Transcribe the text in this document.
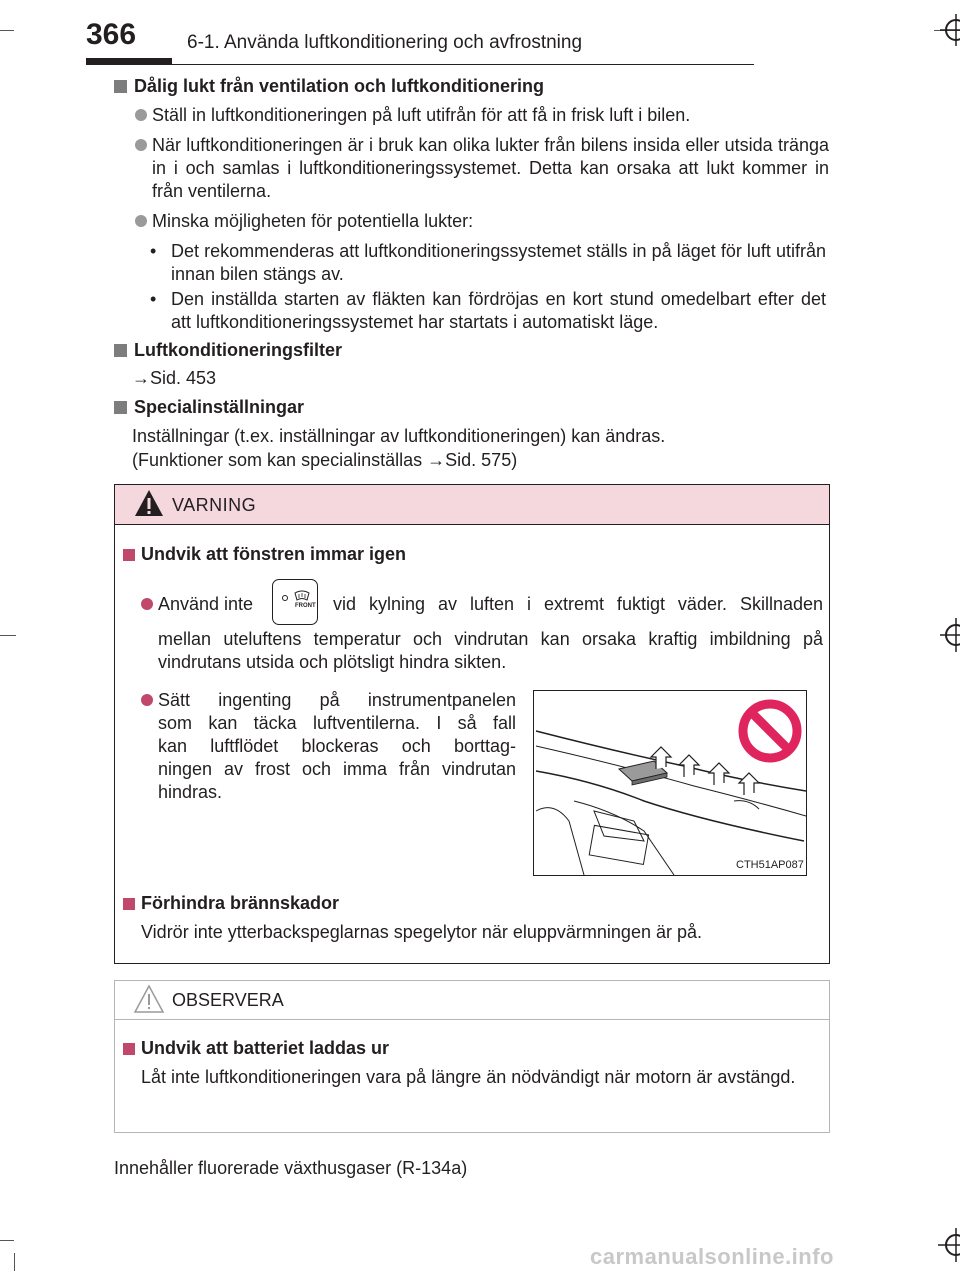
366	6-1. Använda luftkonditionering och avfrostning
Dålig lukt från ventilation och luftkonditionering
Ställ in luftkonditioneringen på luft utifrån för att få in frisk luft i bilen.
När luftkonditioneringen är i bruk kan olika lukter från bilens insida eller utsida tränga in i och samlas i luftkonditioneringssystemet. Detta kan orsaka att lukt kommer in från ventilerna.
Minska möjligheten för potentiella lukter:
• Det rekommenderas att luftkonditioneringssystemet ställs in på läget för luft utifrån innan bilen stängs av.
• Den inställda starten av fläkten kan fördröjas en kort stund omedelbart efter det att luftkonditioneringssystemet har startats i automatiskt läge.
Luftkonditioneringsfilter
→Sid. 453
Specialinställningar
Inställningar (t.ex. inställningar av luftkonditioneringen) kan ändras.
(Funktioner som kan specialinställas →Sid. 575)
VARNING
Undvik att fönstren immar igen
Använd inte	FRONT vid kylning av luften i extremt fuktigt väder. Skillnaden
mellan uteluftens temperatur och vindrutan kan orsaka kraftig imbildning på vindrutans utsida och plötsligt hindra sikten.
Sätt ingenting på instrumentpanelen
som kan täcka luftventilerna. I så fall
kan luftflödet blockeras och borttag-
ningen av frost och imma från vindrutan
hindras.
CTH51AP087
Förhindra brännskador
Vidrör inte ytterbackspeglarnas spegelytor när eluppvärmningen är på.
OBSERVERA
Undvik att batteriet laddas ur
Låt inte luftkonditioneringen vara på längre än nödvändigt när motorn är avstängd.
Innehåller fluorerade växthusgaser (R-134a)
carmanualsonline.info
